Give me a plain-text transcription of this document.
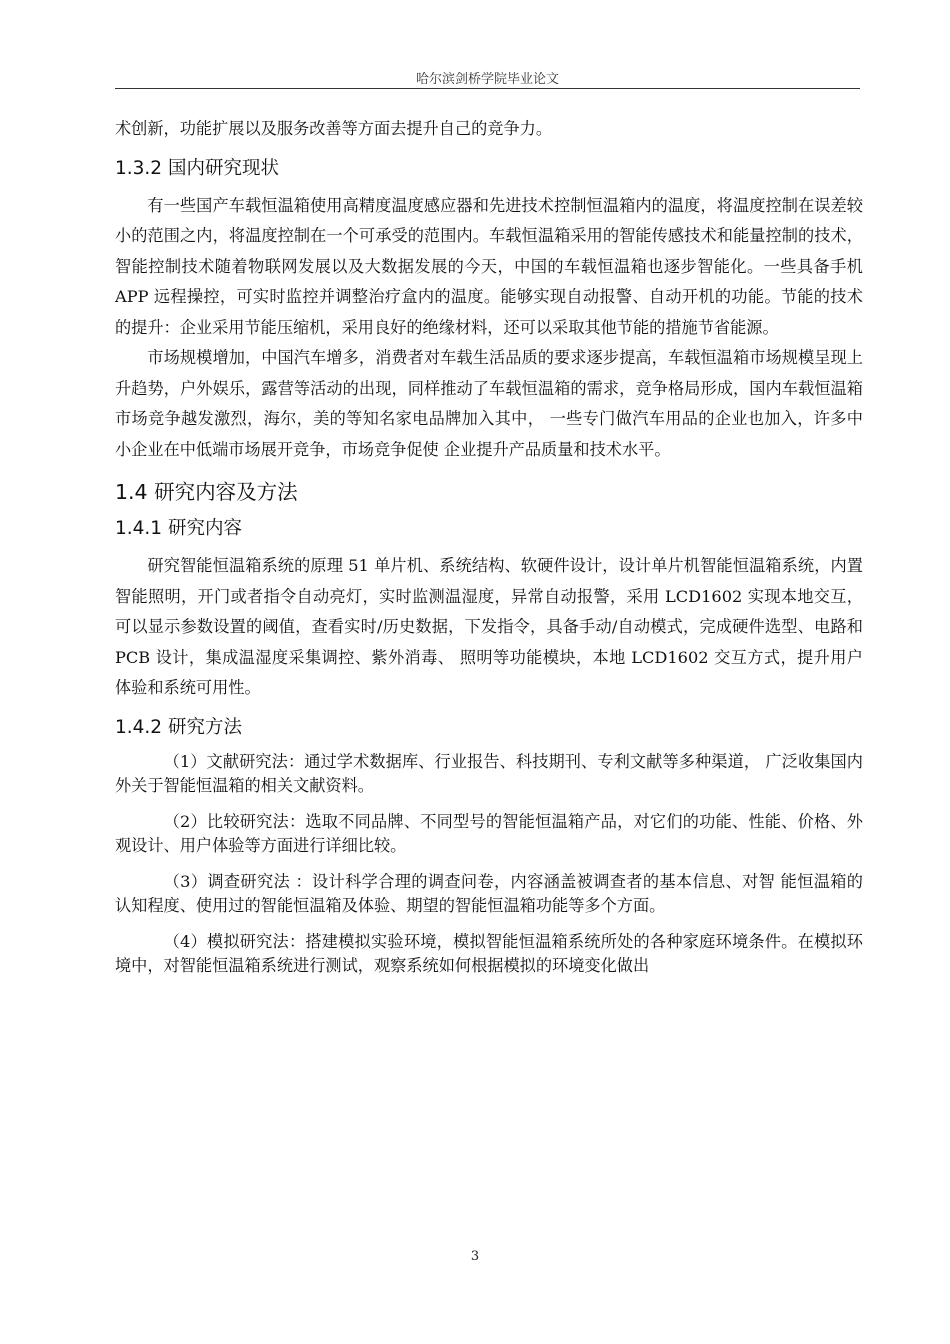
哈尔滨剑桥学院毕业论文

术创新，功能扩展以及服务改善等方面去提升自己的竞争力。

1.3.2 国内研究现状

有一些国产车载恒温箱使用高精度温度感应器和先进技术控制恒温箱内的温度，将温度控制在误差较小的范围之内，将温度控制在一个可承受的范围内。车载恒温箱采用的智能传感技术和能量控制的技术，智能控制技术随着物联网发展以及大数据发展的今天，中国的车载恒温箱也逐步智能化。一些具备手机 APP 远程操控，可实时监控并调整治疗盒内的温度。能够实现自动报警、自动开机的功能。节能的技术的提升：企业采用节能压缩机，采用良好的绝缘材料，还可以采取其他节能的措施节省能源。

市场规模增加，中国汽车增多，消费者对车载生活品质的要求逐步提高，车载恒温箱市场规模呈现上升趋势，户外娱乐，露营等活动的出现，同样推动了车载恒温箱的需求，竞争格局形成，国内车载恒温箱市场竞争越发激烈，海尔，美的等知名家电品牌加入其中， 一些专门做汽车用品的企业也加入，许多中小企业在中低端市场展开竞争，市场竞争促使 企业提升产品质量和技术水平。

1.4 研究内容及方法
1.4.1 研究内容

研究智能恒温箱系统的原理 51 单片机、系统结构、软硬件设计，设计单片机智能恒温箱系统，内置智能照明，开门或者指令自动亮灯，实时监测温湿度，异常自动报警，采用 LCD1602 实现本地交互，可以显示参数设置的阈值，查看实时/历史数据，下发指令，具备手动/自动模式，完成硬件选型、电路和 PCB 设计，集成温湿度采集调控、紫外消毒、 照明等功能模块，本地 LCD1602 交互方式，提升用户体验和系统可用性。

1.4.2 研究方法

（1）文献研究法：通过学术数据库、行业报告、科技期刊、专利文献等多种渠道， 广泛收集国内外关于智能恒温箱的相关文献资料。

（2）比较研究法：选取不同品牌、不同型号的智能恒温箱产品，对它们的功能、性能、价格、外观设计、用户体验等方面进行详细比较。

（3）调查研究法 ：设计科学合理的调查问卷，内容涵盖被调查者的基本信息、对智 能恒温箱的认知程度、使用过的智能恒温箱及体验、期望的智能恒温箱功能等多个方面。

（4）模拟研究法：搭建模拟实验环境，模拟智能恒温箱系统所处的各种家庭环境条件。在模拟环境中，对智能恒温箱系统进行测试，观察系统如何根据模拟的环境变化做出

3
